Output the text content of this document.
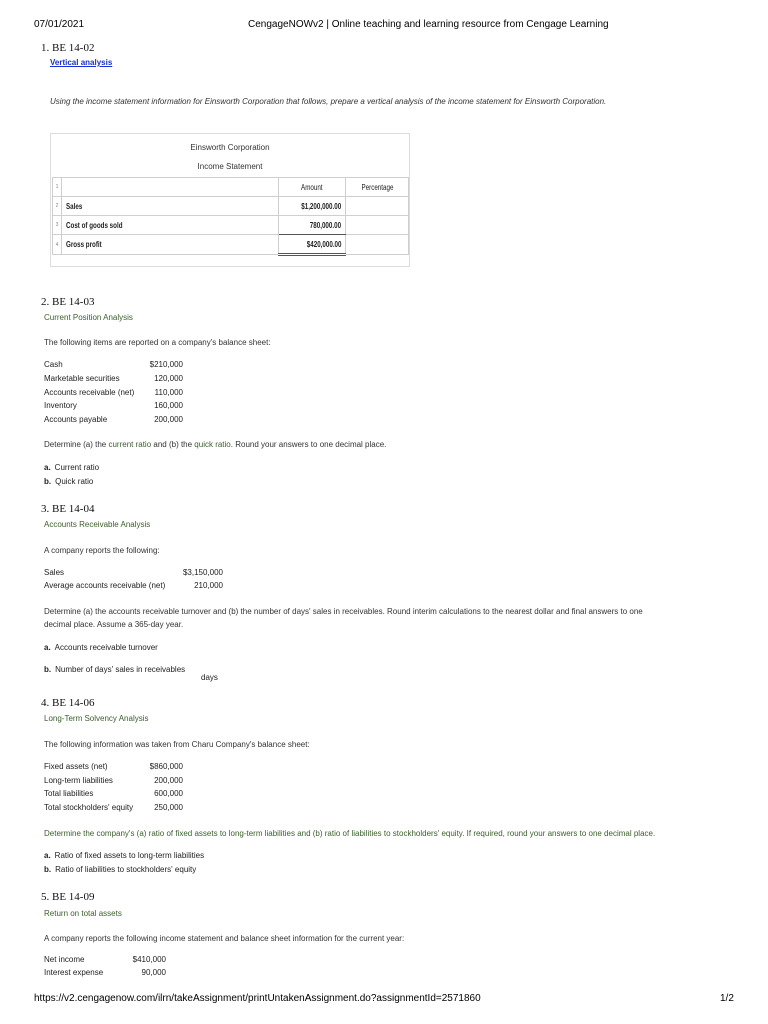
07/01/2021	CengageNOWv2 | Online teaching and learning resource from Cengage Learning
1. BE 14-02
Vertical analysis
Using the income statement information for Einsworth Corporation that follows, prepare a vertical analysis of the income statement for Einsworth Corporation.
Einsworth Corporation
Income Statement
1		Amount	Percentage
2	Sales	$1,200,000.00	
3	Cost of goods sold	780,000.00	
4	Gross profit	$420,000.00	
2. BE 14-03
Current Position Analysis
The following items are reported on a company's balance sheet:
Cash	$210,000
Marketable securities	120,000
Accounts receivable (net)	110,000
Inventory	160,000
Accounts payable	200,000
Determine (a) the current ratio and (b) the quick ratio. Round your answers to one decimal place.
a. Current ratio
b. Quick ratio
3. BE 14-04
Accounts Receivable Analysis
A company reports the following:
Sales	$3,150,000
Average accounts receivable (net)	210,000
Determine (a) the accounts receivable turnover and (b) the number of days' sales in receivables. Round interim calculations to the nearest dollar and final answers to one
decimal place. Assume a 365-day year.
a. Accounts receivable turnover
b. Number of days' sales in receivables
days
4. BE 14-06
Long-Term Solvency Analysis
The following information was taken from Charu Company's balance sheet:
Fixed assets (net)	$860,000
Long-term liabilities	200,000
Total liabilities	600,000
Total stockholders' equity	250,000
Determine the company's (a) ratio of fixed assets to long-term liabilities and (b) ratio of liabilities to stockholders' equity. If required, round your answers to one decimal place.
a. Ratio of fixed assets to long-term liabilities
b. Ratio of liabilities to stockholders' equity
5. BE 14-09
Return on total assets
A company reports the following income statement and balance sheet information for the current year:
Net income	$410,000
Interest expense	90,000
https://v2.cengagenow.com/ilrn/takeAssignment/printUntakenAssignment.do?assignmentId=2571860	1/2
